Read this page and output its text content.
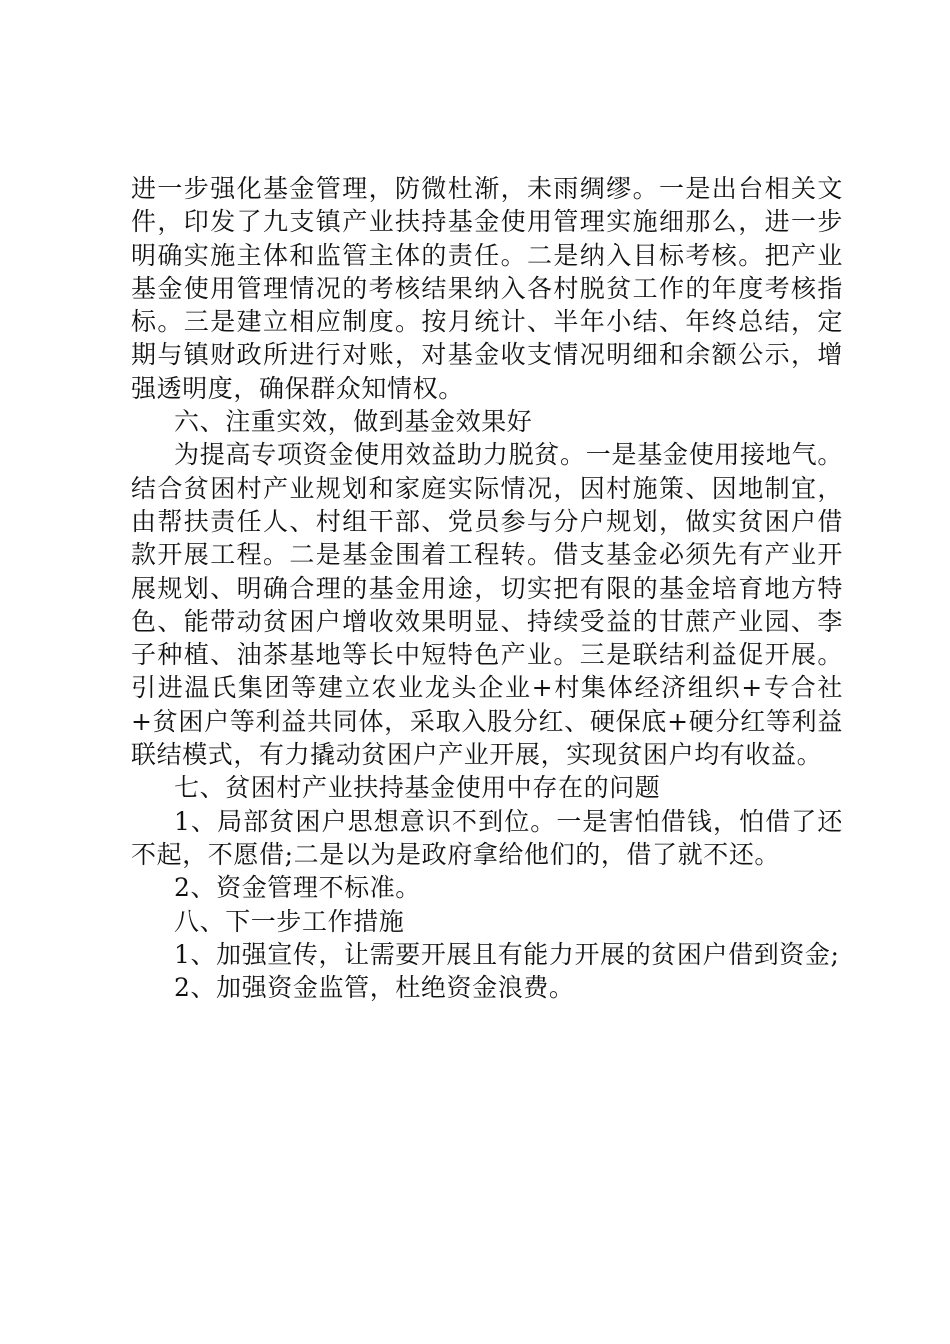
进一步强化基金管理，防微杜渐，未雨绸缪。一是出台相关文件，印发了九支镇产业扶持基金使用管理实施细那么，进一步明确实施主体和监管主体的责任。二是纳入目标考核。把产业基金使用管理情况的考核结果纳入各村脱贫工作的年度考核指标。三是建立相应制度。按月统计、半年小结、年终总结，定期与镇财政所进行对账，对基金收支情况明细和余额公示，增强透明度，确保群众知情权。

六、注重实效，做到基金效果好

为提高专项资金使用效益助力脱贫。一是基金使用接地气。结合贫困村产业规划和家庭实际情况，因村施策、因地制宜，由帮扶责任人、村组干部、党员参与分户规划，做实贫困户借款开展工程。二是基金围着工程转。借支基金必须先有产业开展规划、明确合理的基金用途，切实把有限的基金培育地方特色、能带动贫困户增收效果明显、持续受益的甘蔗产业园、李子种植、油茶基地等长中短特色产业。三是联结利益促开展。引进温氏集团等建立农业龙头企业+村集体经济组织+专合社+贫困户等利益共同体，采取入股分红、硬保底+硬分红等利益联结模式，有力撬动贫困户产业开展，实现贫困户均有收益。

七、贫困村产业扶持基金使用中存在的问题

1、局部贫困户思想意识不到位。一是害怕借钱，怕借了还不起，不愿借;二是以为是政府拿给他们的，借了就不还。

2、资金管理不标准。

八、下一步工作措施

1、加强宣传，让需要开展且有能力开展的贫困户借到资金;

2、加强资金监管，杜绝资金浪费。
